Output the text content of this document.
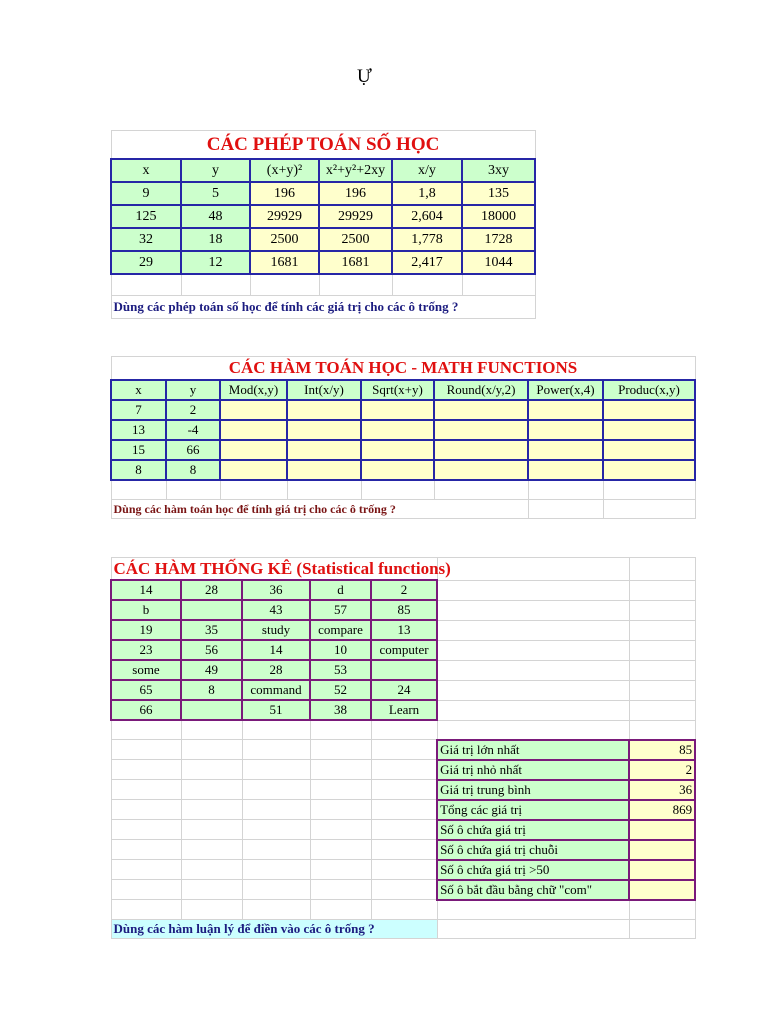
Ự
CÁC PHÉP TOÁN SỐ HỌC					
x	y	(x+y)²	x²+y²+2xy	x/y	3xy
9	5	196	196	1,8	135
125	48	29929	29929	2,604	18000
32	18	2500	2500	1,778	1728
29	12	1681	1681	2,417	1044

Dùng các phép toán số học để tính các giá trị cho các ô trống ?					
CÁC HÀM TOÁN HỌC - MATH FUNCTIONS							
x	y	Mod(x,y)	Int(x/y)	Sqrt(x+y)	Round(x/y,2)	Power(x,4)	Produc(x,y)
7	2						
13	-4						
15	66						
8	8						

Dùng các hàm toán học để tính giá trị cho các ô trống ?							
CÁC HÀM THỐNG KÊ (Statistical functions)						
14	28	36	d	2		
b		43	57	85		
19	35	study	compare	13		
23	56	14	10	computer		
some	49	28	53			
65	8	command	52	24		
66		51	38	Learn		

					Giá trị lớn nhất	85
					Giá trị nhỏ nhất	2
					Giá trị trung bình	36
					Tổng các giá trị	869
					Số ô chứa giá trị	
					Số ô chứa giá trị chuỗi	
					Số ô chứa giá trị >50	
					Số ô bắt đầu bằng chữ "com"	

Dùng các hàm luận lý để điền vào các ô trống ?						
